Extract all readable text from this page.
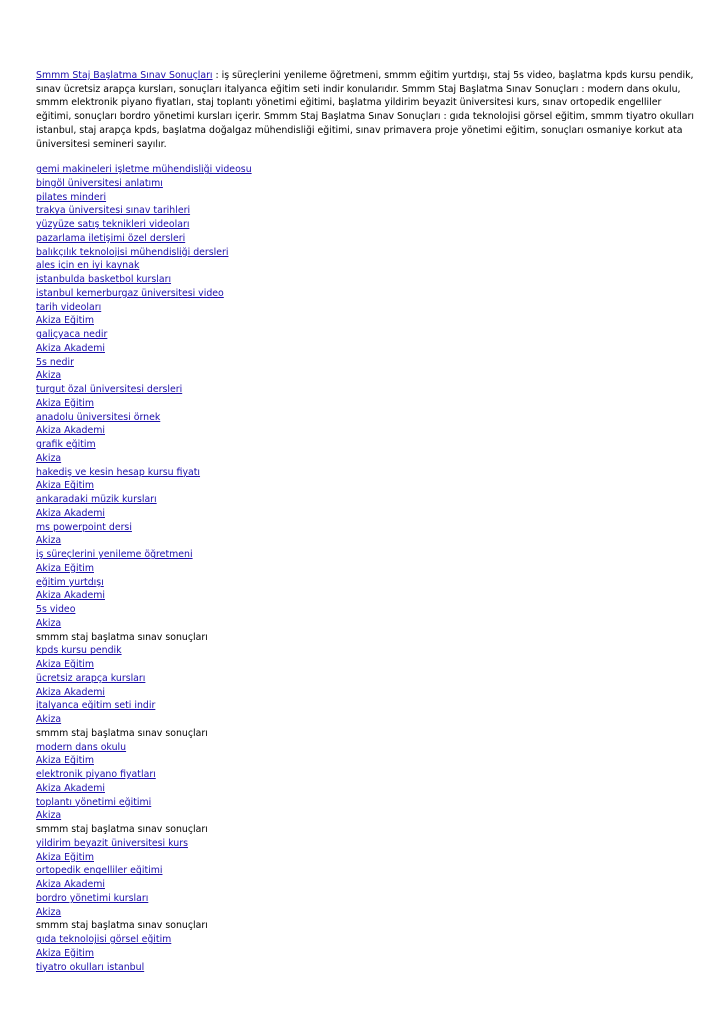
Smmm Staj Başlatma Sınav Sonuçları : iş süreçlerini yenileme öğretmeni, smmm eğitim yurtdışı, staj 5s video, başlatma kpds kursu pendik, sınav ücretsiz arapça kursları, sonuçları italyanca eğitim seti indir konularıdır. Smmm Staj Başlatma Sınav Sonuçları : modern dans okulu, smmm elektronik piyano fiyatları, staj toplantı yönetimi eğitimi, başlatma yildirim beyazit üniversitesi kurs, sınav ortopedik engelliler eğitimi, sonuçları bordro yönetimi kursları içerir. Smmm Staj Başlatma Sınav Sonuçları : gıda teknolojisi görsel eğitim, smmm tiyatro okulları istanbul, staj arapça kpds, başlatma doğalgaz mühendisliği eğitimi, sınav primavera proje yönetimi eğitim, sonuçları osmaniye korkut ata üniversitesi semineri sayılır.

gemi makineleri işletme mühendisliği videosu
bingöl üniversitesi anlatımı
pilates minderi
trakya üniversitesi sınav tarihleri
yüzyüze satış teknikleri videoları
pazarlama iletişimi özel dersleri
balıkçılık teknolojisi mühendisliği dersleri
ales için en iyi kaynak
istanbulda basketbol kursları
istanbul kemerburgaz üniversitesi video
tarih videoları
Akiza Eğitim
galiçyaca nedir
Akiza Akademi
5s nedir
Akiza
turgut özal üniversitesi dersleri
Akiza Eğitim
anadolu üniversitesi örnek
Akiza Akademi
grafik eğitim
Akiza
hakediş ve kesin hesap kursu fiyatı
Akiza Eğitim
ankaradaki müzik kursları
Akiza Akademi
ms powerpoint dersi
Akiza
iş süreçlerini yenileme öğretmeni
Akiza Eğitim
eğitim yurtdışı
Akiza Akademi
5s video
Akiza
smmm staj başlatma sınav sonuçları
kpds kursu pendik
Akiza Eğitim
ücretsiz arapça kursları
Akiza Akademi
italyanca eğitim seti indir
Akiza
smmm staj başlatma sınav sonuçları
modern dans okulu
Akiza Eğitim
elektronik piyano fiyatları
Akiza Akademi
toplantı yönetimi eğitimi
Akiza
smmm staj başlatma sınav sonuçları
yildirim beyazit üniversitesi kurs
Akiza Eğitim
ortopedik engelliler eğitimi
Akiza Akademi
bordro yönetimi kursları
Akiza
smmm staj başlatma sınav sonuçları
gıda teknolojisi görsel eğitim
Akiza Eğitim
tiyatro okulları istanbul
